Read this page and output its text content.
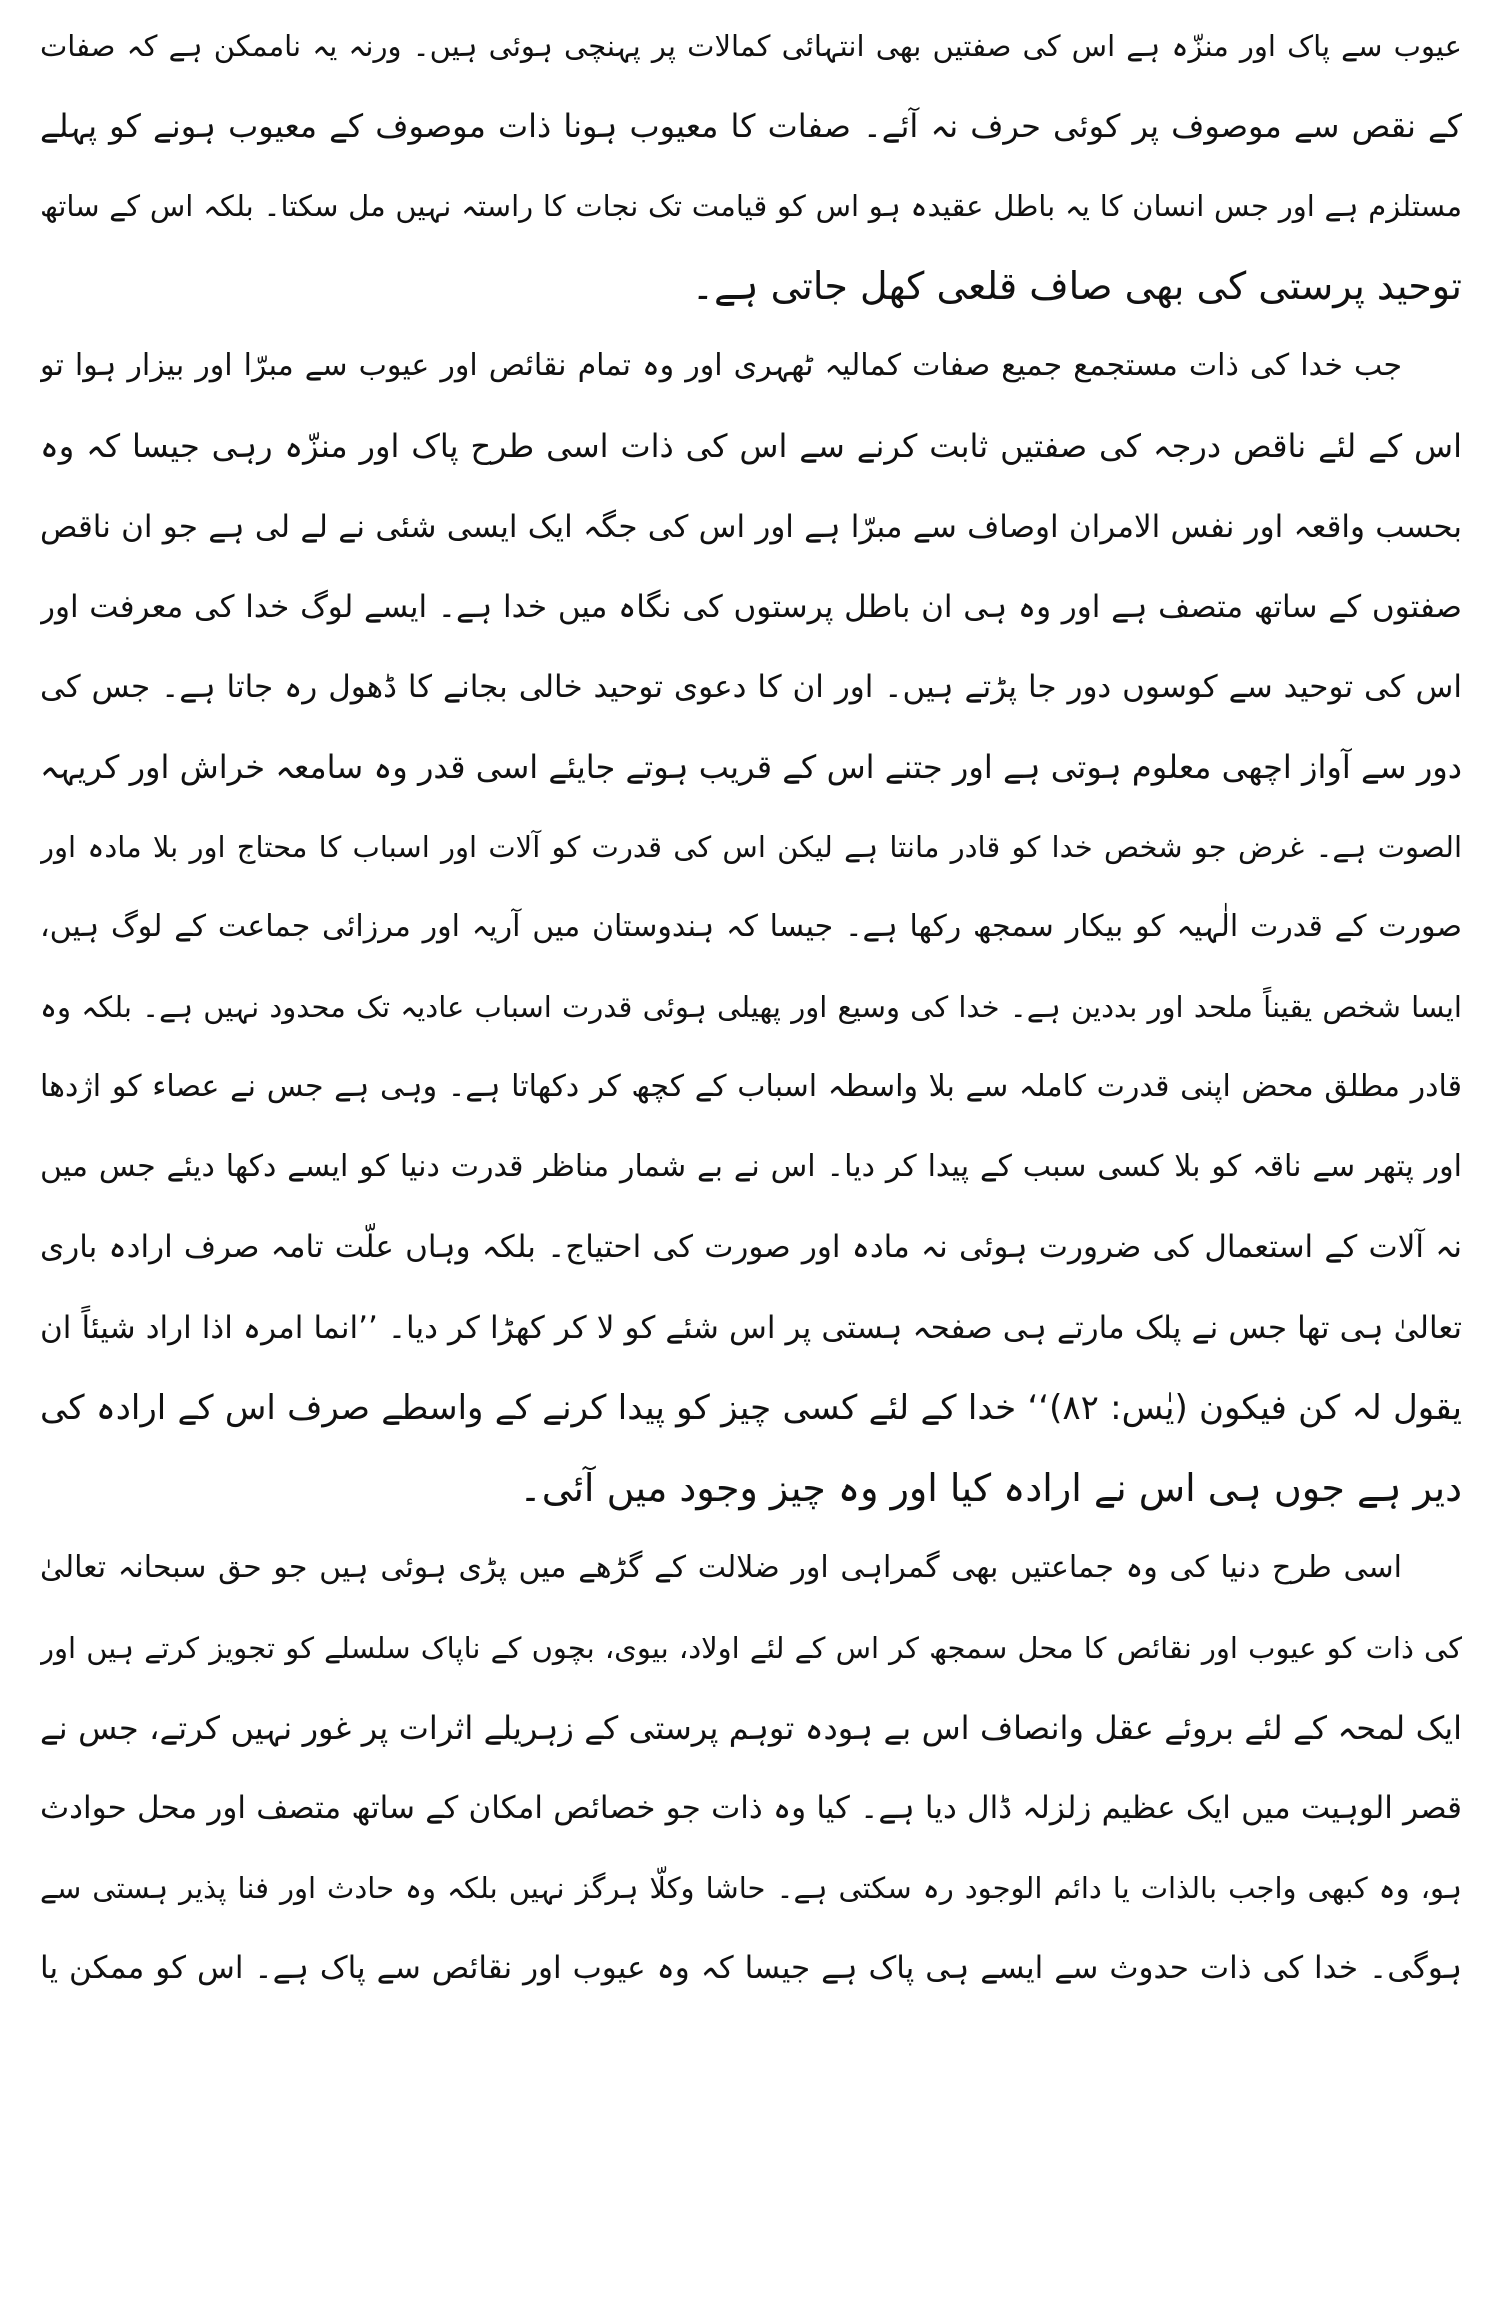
عیوب سے پاک اور منزّہ ہے اس کی صفتیں بھی انتہائی کمالات پر پہنچی ہوئی ہیں۔ ورنہ یہ ناممکن ہے کہ صفات
کے نقص سے موصوف پر کوئی حرف نہ آئے۔ صفات کا معیوب ہونا ذات موصوف کے معیوب ہونے کو پہلے
مستلزم ہے اور جس انسان کا یہ باطل عقیدہ ہو اس کو قیامت تک نجات کا راستہ نہیں مل سکتا۔ بلکہ اس کے ساتھ
توحید پرستی کی بھی صاف قلعی کھل جاتی ہے۔
جب خدا کی ذات مستجمع جمیع صفات کمالیہ ٹھہری اور وہ تمام نقائص اور عیوب سے مبرّا اور بیزار ہوا تو
اس کے لئے ناقص درجہ کی صفتیں ثابت کرنے سے اس کی ذات اسی طرح پاک اور منزّہ رہی جیسا کہ وہ
بحسب واقعہ اور نفس الامران اوصاف سے مبرّا ہے اور اس کی جگہ ایک ایسی شئی نے لے لی ہے جو ان ناقص
صفتوں کے ساتھ متصف ہے اور وہ ہی ان باطل پرستوں کی نگاہ میں خدا ہے۔ ایسے لوگ خدا کی معرفت اور
اس کی توحید سے کوسوں دور جا پڑتے ہیں۔ اور ان کا دعوی توحید خالی بجانے کا ڈھول رہ جاتا ہے۔ جس کی
دور سے آواز اچھی معلوم ہوتی ہے اور جتنے اس کے قریب ہوتے جایئے اسی قدر وہ سامعہ خراش اور کریہہ
الصوت ہے۔ غرض جو شخص خدا کو قادر مانتا ہے لیکن اس کی قدرت کو آلات اور اسباب کا محتاج اور بلا مادہ اور
صورت کے قدرت الٰہیہ کو بیکار سمجھ رکھا ہے۔ جیسا کہ ہندوستان میں آریہ اور مرزائی جماعت کے لوگ ہیں،
ایسا شخص یقیناً ملحد اور بددین ہے۔ خدا کی وسیع اور پھیلی ہوئی قدرت اسباب عادیہ تک محدود نہیں ہے۔ بلکہ وہ
قادر مطلق محض اپنی قدرت کاملہ سے بلا واسطہ اسباب کے کچھ کر دکھاتا ہے۔ وہی ہے جس نے عصاء کو اژدھا
اور پتھر سے ناقہ کو بلا کسی سبب کے پیدا کر دیا۔ اس نے بے شمار مناظر قدرت دنیا کو ایسے دکھا دیئے جس میں
نہ آلات کے استعمال کی ضرورت ہوئی نہ مادہ اور صورت کی احتیاج۔ بلکہ وہاں علّت تامہ صرف ارادہ باری
تعالیٰ ہی تھا جس نے پلک مارتے ہی صفحہ ہستی پر اس شئے کو لا کر کھڑا کر دیا۔ ’’انما امرہ اذا اراد شیئاً ان
یقول لہ کن فیکون (یٰس: ۸۲)‘‘ خدا کے لئے کسی چیز کو پیدا کرنے کے واسطے صرف اس کے ارادہ کی
دیر ہے جوں ہی اس نے ارادہ کیا اور وہ چیز وجود میں آئی۔
اسی طرح دنیا کی وہ جماعتیں بھی گمراہی اور ضلالت کے گڑھے میں پڑی ہوئی ہیں جو حق سبحانہ تعالیٰ
کی ذات کو عیوب اور نقائص کا محل سمجھ کر اس کے لئے اولاد، بیوی، بچوں کے ناپاک سلسلے کو تجویز کرتے ہیں اور
ایک لمحہ کے لئے بروئے عقل وانصاف اس بے ہودہ توہم پرستی کے زہریلے اثرات پر غور نہیں کرتے، جس نے
قصر الوہیت میں ایک عظیم زلزلہ ڈال دیا ہے۔ کیا وہ ذات جو خصائص امکان کے ساتھ متصف اور محل حوادث
ہو، وہ کبھی واجب بالذات یا دائم الوجود رہ سکتی ہے۔ حاشا وکلّا ہرگز نہیں بلکہ وہ حادث اور فنا پذیر ہستی سے
ہوگی۔ خدا کی ذات حدوث سے ایسے ہی پاک ہے جیسا کہ وہ عیوب اور نقائص سے پاک ہے۔ اس کو ممکن یا
